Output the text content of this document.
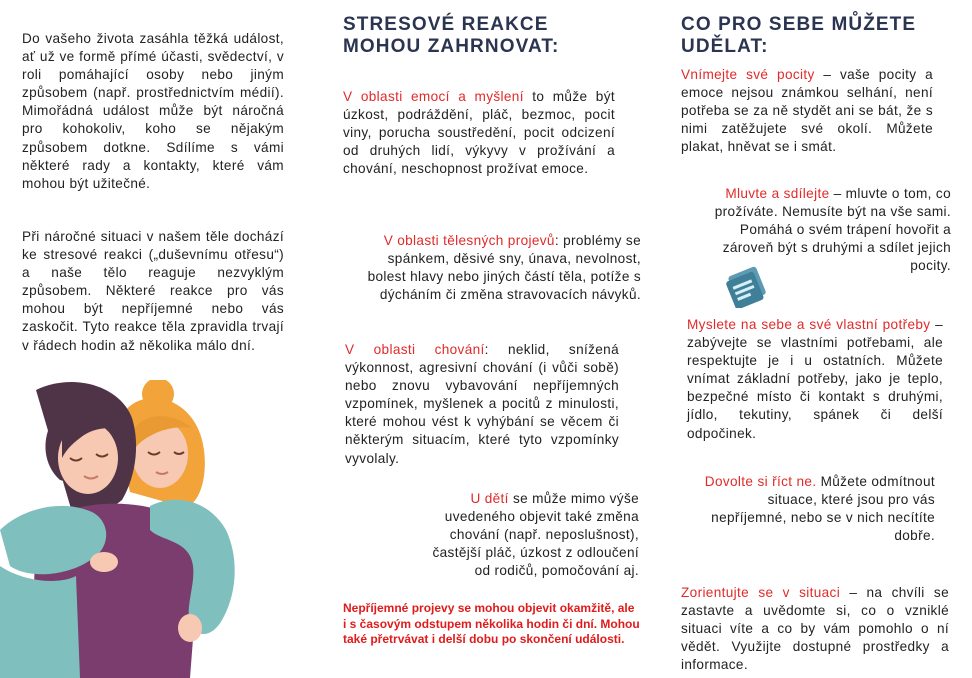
Do vašeho života zasáhla těžká událost, ať už ve formě přímé účasti, svědectví, v roli pomáhající osoby nebo jiným způsobem (např. prostřednictvím médií). Mimořádná událost může být náročná pro kohokoliv, koho se nějakým způsobem dotkne. Sdílíme s vámi některé rady a kontakty, které vám mohou být užitečné.

Při náročné situaci v našem těle dochází ke stresové reakci („duševnímu otřesu“) a naše tělo reaguje nezvyklým způsobem. Některé reakce pro vás mohou být nepříjemné nebo vás zaskočit. Tyto reakce těla zpravidla trvají v řádech hodin až několika málo dní.

STRESOVÉ REAKCE
MOHOU ZAHRNOVAT:

V oblasti emocí a myšlení to může být úzkost, podráždění, pláč, bezmoc, pocit viny, porucha soustředění, pocit odcizení od druhých lidí, výkyvy v prožívání a chování, neschopnost prožívat emoce.

V oblasti tělesných projevů: problémy se spánkem, děsivé sny, únava, nevolnost, bolest hlavy nebo jiných částí těla, potíže s dýcháním či změna stravovacích návyků.

V oblasti chování: neklid, snížená výkonnost, agresivní chování (i vůči sobě) nebo znovu vybavování nepříjemných vzpomínek, myšlenek a pocitů z minulosti, které mohou vést k vyhýbání se věcem či některým situacím, které tyto vzpomínky vyvolaly.

U dětí se může mimo výše uvedeného objevit také změna chování (např. neposlušnost), častější pláč, úzkost z odloučení od rodičů, pomočování aj.

Nepříjemné projevy se mohou objevit okamžitě, ale i s časovým odstupem několika hodin či dní. Mohou také přetrvávat i delší dobu po skončení události.

CO PRO SEBE MŮŽETE
UDĚLAT:

Vnímejte své pocity – vaše pocity a emoce nejsou známkou selhání, není potřeba se za ně stydět ani se bát, že s nimi zatěžujete své okolí. Můžete plakat, hněvat se i smát.

Mluvte a sdílejte – mluvte o tom, co prožíváte. Nemusíte být na vše sami. Pomáhá o svém trápení hovořit a zároveň být s druhými a sdílet jejich pocity.

Myslete na sebe a své vlastní potřeby – zabývejte se vlastními potřebami, ale respektujte je i u ostatních. Můžete vnímat základní potřeby, jako je teplo, bezpečné místo či kontakt s druhými, jídlo, tekutiny, spánek či delší odpočinek.

Dovolte si říct ne. Můžete odmítnout situace, které jsou pro vás nepříjemné, nebo se v nich necítíte dobře.

Zorientujte se v situaci – na chvíli se zastavte a uvědomte si, co o vzniklé situaci víte a co by vám pomohlo o ní vědět. Využijte dostupné prostředky a informace.
